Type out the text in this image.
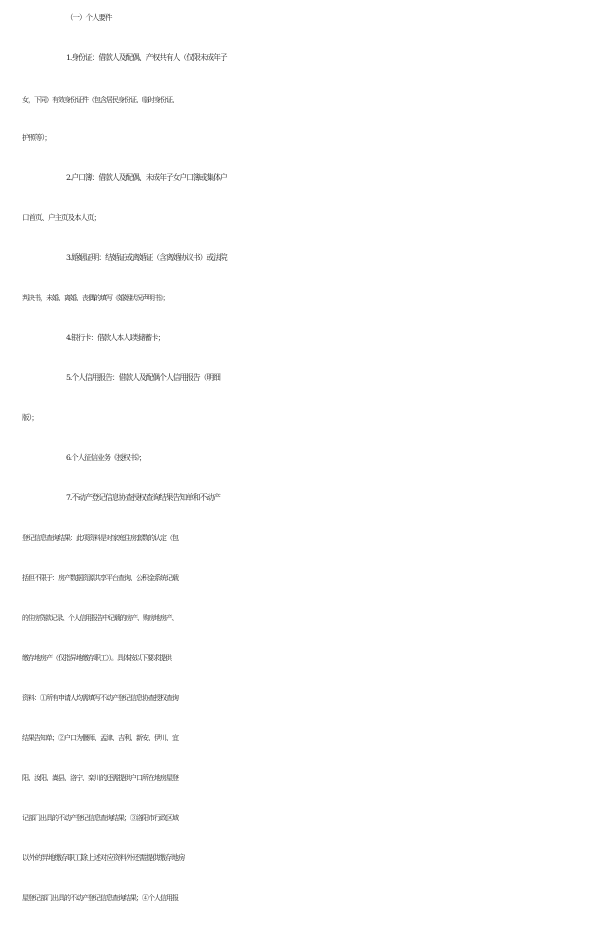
（一）个人要件
1.身份证：借款人及配偶、产权共有人（仅限未成年子
女，下同）有效身份证件（包含居民身份证、临时身份证、
护照等）；
2.户口簿：借款人及配偶、未成年子女户口簿或集体户
口首页、户主页及本人页；
3.婚姻证明：结婚证或离婚证（含离婚协议书）或法院
判决书，未婚、离婚、丧偶的填写《婚姻状况声明书》；
4.银行卡：借款人本人Ⅰ类储蓄卡；
5.个人信用报告：借款人及配偶个人信用报告（明细
版）；
6.个人征信业务《授权书》；
7.不动产登记信息协查授权查询结果告知单和不动产
登记信息查询结果：此项资料是对家庭住房套数的认定（包
括但不限于：房产数据资源共享平台查询、公积金系统记载
的住房贷款记录、个人信用报告中记载的房产、购房地房产、
缴存地房产（仅指异地缴存职工））。具体按以下要求提供
资料：①所有申请人均需填写不动产登记信息协查授权查询
结果告知单；②户口为偃师、孟津、吉利、新安、伊川、宜
阳、汝阳、嵩县、洛宁、栾川的还需提供户口所在地房屋登
记部门出具的不动产登记信息查询结果；③洛阳市行政区域
以外的异地缴存职工除上述对应资料外还需提供缴存地房
屋登记部门出具的不动产登记信息查询结果；④个人信用报
